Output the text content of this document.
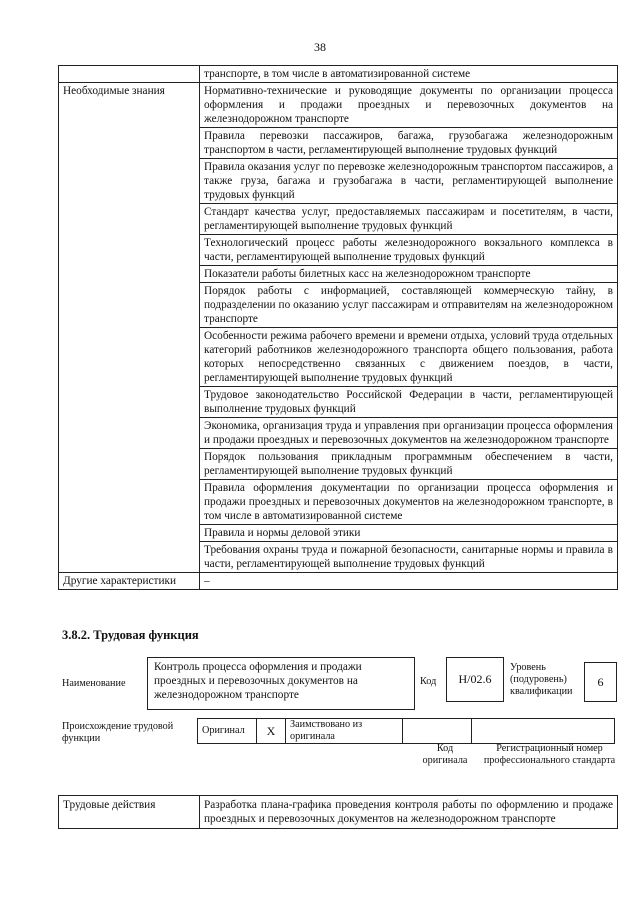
38
	транспорте, в том числе в автоматизированной системе
Необходимые знания	Нормативно-технические и руководящие документы по организации процесса оформления и продажи проездных и перевозочных документов на железнодорожном транспорте
	Правила перевозки пассажиров, багажа, грузобагажа железнодорожным транспортом в части, регламентирующей выполнение трудовых функций
	Правила оказания услуг по перевозке железнодорожным транспортом пассажиров, а также груза, багажа и грузобагажа в части, регламентирующей выполнение трудовых функций
	Стандарт качества услуг, предоставляемых пассажирам и посетителям, в части, регламентирующей выполнение трудовых функций
	Технологический процесс работы железнодорожного вокзального комплекса в части, регламентирующей выполнение трудовых функций
	Показатели работы билетных касс на железнодорожном транспорте
	Порядок работы с информацией, составляющей коммерческую тайну, в подразделении по оказанию услуг пассажирам и отправителям на железнодорожном транспорте
	Особенности режима рабочего времени и времени отдыха, условий труда отдельных категорий работников железнодорожного транспорта общего пользования, работа которых непосредственно связанных с движением поездов, в части, регламентирующей выполнение трудовых функций
	Трудовое законодательство Российской Федерации в части, регламентирующей выполнение трудовых функций
	Экономика, организация труда и управления при организации процесса оформления и продажи проездных и перевозочных документов на железнодорожном транспорте
	Порядок пользования прикладным программным обеспечением в части, регламентирующей выполнение трудовых функций
	Правила оформления документации по организации процесса оформления и продажи проездных и перевозочных документов на железнодорожном транспорте, в том числе в автоматизированной системе
	Правила и нормы деловой этики
	Требования охраны труда и пожарной безопасности, санитарные нормы и правила в части, регламентирующей выполнение трудовых функций
Другие характеристики	–
3.8.2. Трудовая функция
Наименование
Контроль процесса оформления и продажи проездных и перевозочных документов на железнодорожном транспорте
Код	H/02.6
Уровень (подуровень) квалификации
6
Происхождение трудовой функции
Оригинал	X	Заимствовано из оригинала		
Код оригинала
Регистрационный номер профессионального стандарта
Трудовые действия	Разработка плана-графика проведения контроля работы по оформлению и продаже проездных и перевозочных документов на железнодорожном транспорте
